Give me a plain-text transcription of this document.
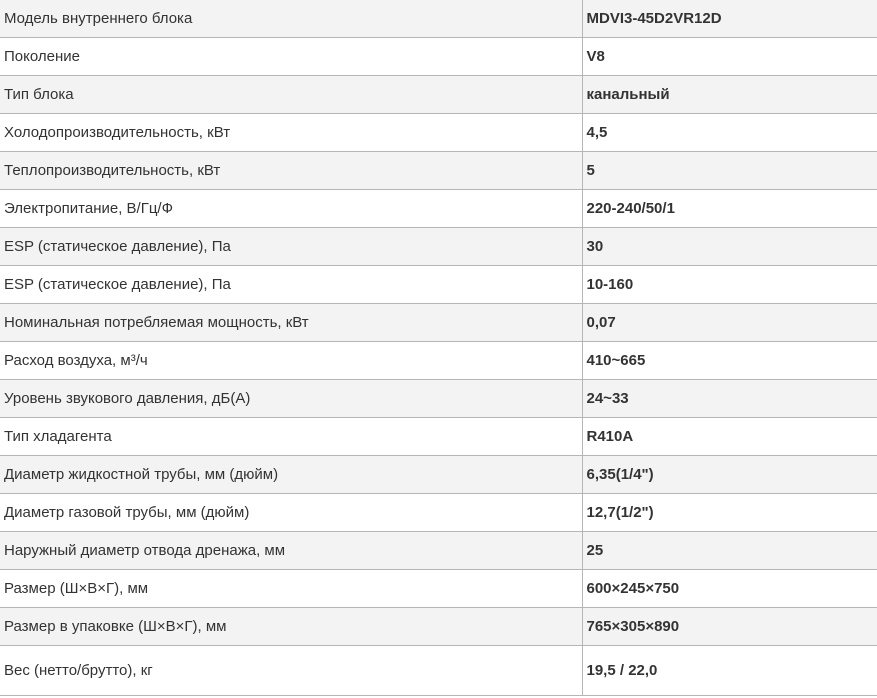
Модель внутреннего блока	MDVI3-45D2VR12D
Поколение	V8
Тип блока	канальный
Холодопроизводительность, кВт	4,5
Теплопроизводительность, кВт	5
Электропитание, В/Гц/Ф	220-240/50/1
ESP (статическое давление), Па	30
ESP (статическое давление), Па	10-160
Номинальная потребляемая мощность, кВт	0,07
Расход воздуха, м³/ч	410~665
Уровень звукового давления, дБ(А)	24~33
Тип хладагента	R410A
Диаметр жидкостной трубы, мм (дюйм)	6,35(1/4")
Диаметр газовой трубы, мм (дюйм)	12,7(1/2")
Наружный диаметр отвода дренажа, мм	25
Размер (Ш×В×Г), мм	600×245×750
Размер в упаковке (Ш×В×Г), мм	765×305×890
Вес (нетто/брутто), кг	19,5 / 22,0
